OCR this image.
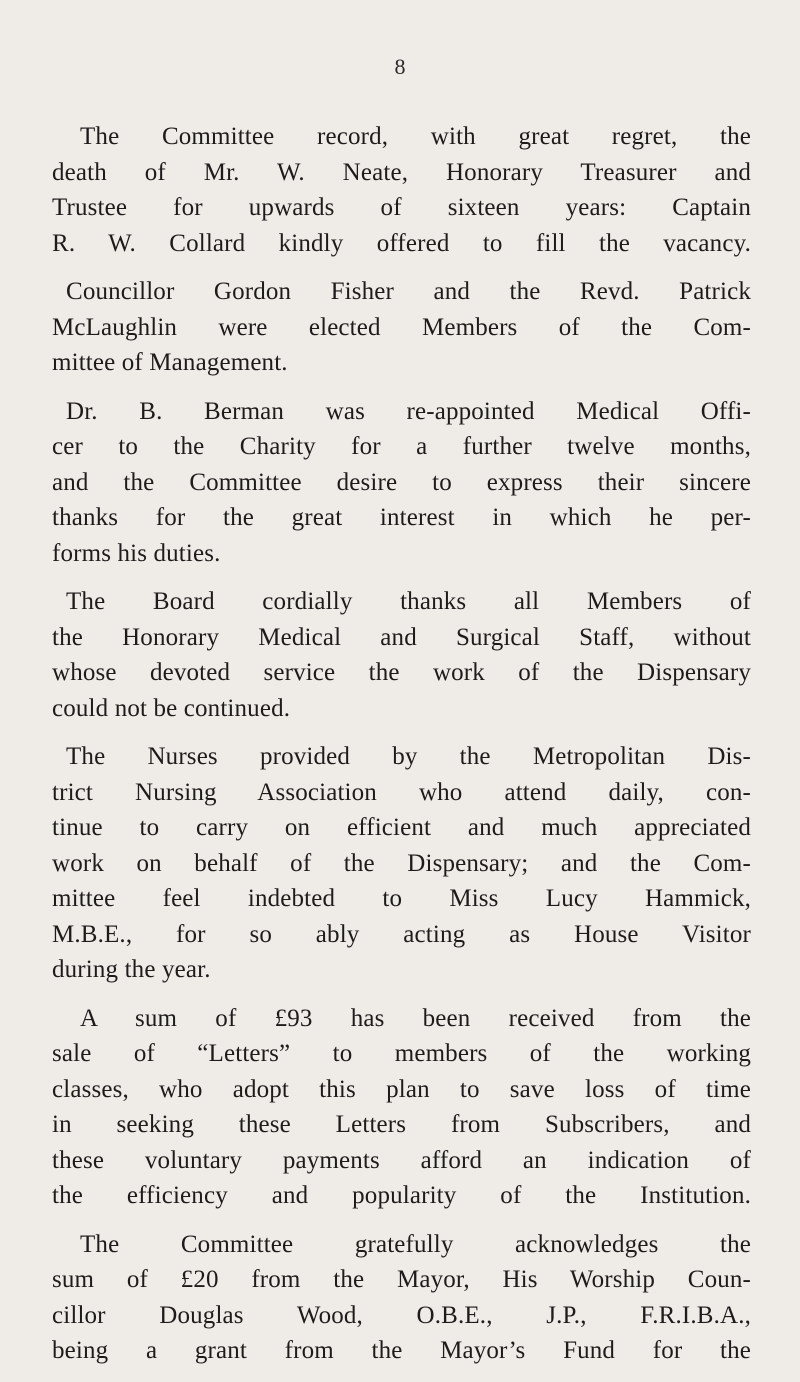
8

The Committee record, with great regret, the
death of Mr. W. Neate, Honorary Treasurer and
Trustee for upwards of sixteen years: Captain
R. W. Collard kindly offered to fill the vacancy.

Councillor Gordon Fisher and the Revd. Patrick
McLaughlin were elected Members of the Com-
mittee of Management.

Dr. B. Berman was re-appointed Medical Offi-
cer to the Charity for a further twelve months,
and the Committee desire to express their sincere
thanks for the great interest in which he per-
forms his duties.

The Board cordially thanks all Members of
the Honorary Medical and Surgical Staff, without
whose devoted service the work of the Dispensary
could not be continued.

The Nurses provided by the Metropolitan Dis-
trict Nursing Association who attend daily, con-
tinue to carry on efficient and much appreciated
work on behalf of the Dispensary; and the Com-
mittee feel indebted to Miss Lucy Hammick,
M.B.E., for so ably acting as House Visitor
during the year.

A sum of £93 has been received from the
sale of “Letters” to members of the working
classes, who adopt this plan to save loss of time
in seeking these Letters from Subscribers, and
these voluntary payments afford an indication of
the efficiency and popularity of the Institution.

The Committee gratefully acknowledges the
sum of £20 from the Mayor, His Worship Coun-
cillor Douglas Wood, O.B.E., J.P., F.R.I.B.A.,
being a grant from the Mayor’s Fund for the
